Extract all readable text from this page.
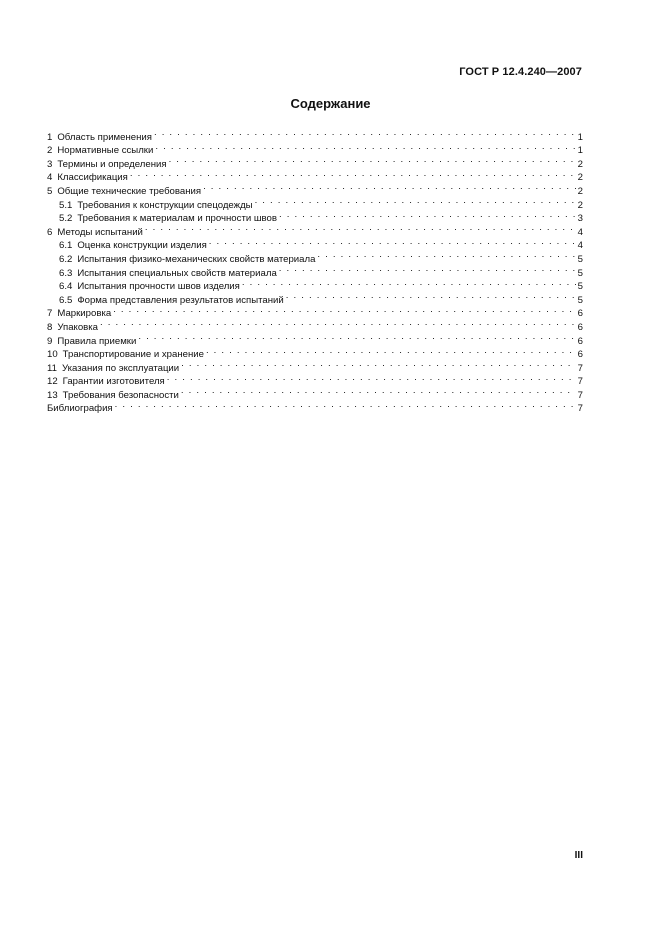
ГОСТ Р 12.4.240—2007
Содержание
1 Область применения . . .	1
2 Нормативные ссылки . . .	1
3 Термины и определения . . .	2
4 Классификация . . .	2
5 Общие технические требования . . .	2
5.1 Требования к конструкции спецодежды . . .	2
5.2 Требования к материалам и прочности швов . . .	3
6 Методы испытаний . . .	4
6.1 Оценка конструкции изделия . . .	4
6.2 Испытания физико-механических свойств материала . . .	5
6.3 Испытания специальных свойств материала . . .	5
6.4 Испытания прочности швов изделия . . .	5
6.5 Форма представления результатов испытаний . . .	5
7 Маркировка . . .	6
8 Упаковка . . .	6
9 Правила приемки . . .	6
10 Транспортирование и хранение . . .	6
11 Указания по эксплуатации . . .	7
12 Гарантии изготовителя . . .	7
13 Требования безопасности . . .	7
Библиография . . .	7
III
